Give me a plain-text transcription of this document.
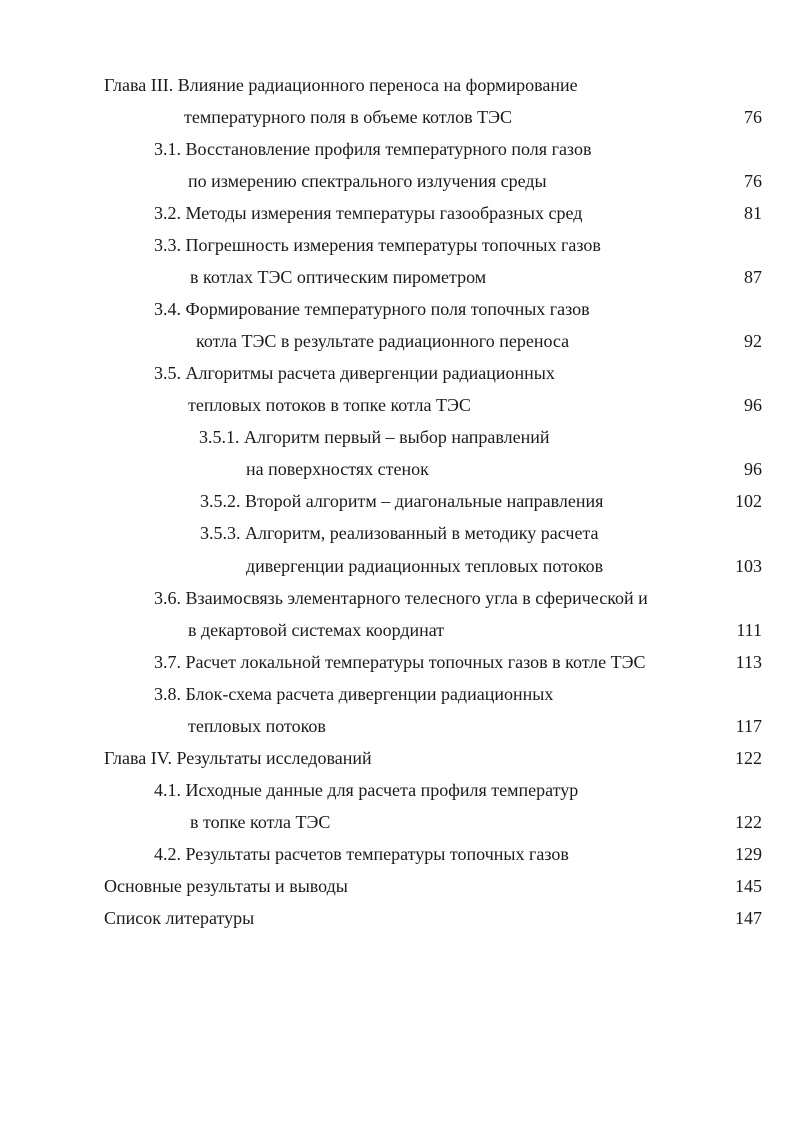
Глава III. Влияние радиационного переноса на формирование
температурного поля в объеме котлов ТЭС	76
3.1. Восстановление профиля температурного поля газов
по измерению спектрального излучения среды	76
3.2. Методы измерения температуры газообразных сред	81
3.3. Погрешность измерения температуры топочных газов
в котлах ТЭС оптическим пирометром	87
3.4. Формирование температурного поля топочных газов
котла ТЭС в результате радиационного переноса	92
3.5. Алгоритмы расчета дивергенции радиационных
тепловых потоков в топке котла ТЭС	96
3.5.1. Алгоритм первый – выбор направлений
на поверхностях стенок	96
3.5.2. Второй алгоритм – диагональные направления	102
3.5.3. Алгоритм, реализованный в методику расчета
дивергенции радиационных тепловых потоков	103
3.6. Взаимосвязь элементарного телесного угла в сферической и
в декартовой системах координат	111
3.7. Расчет локальной температуры топочных газов в котле ТЭС	113
3.8. Блок-схема расчета дивергенции радиационных
тепловых потоков	117
Глава IV. Результаты исследований	122
4.1. Исходные данные для расчета профиля температур
в топке котла ТЭС	122
4.2. Результаты расчетов температуры топочных газов	129
Основные результаты и выводы	145
Список литературы	147
